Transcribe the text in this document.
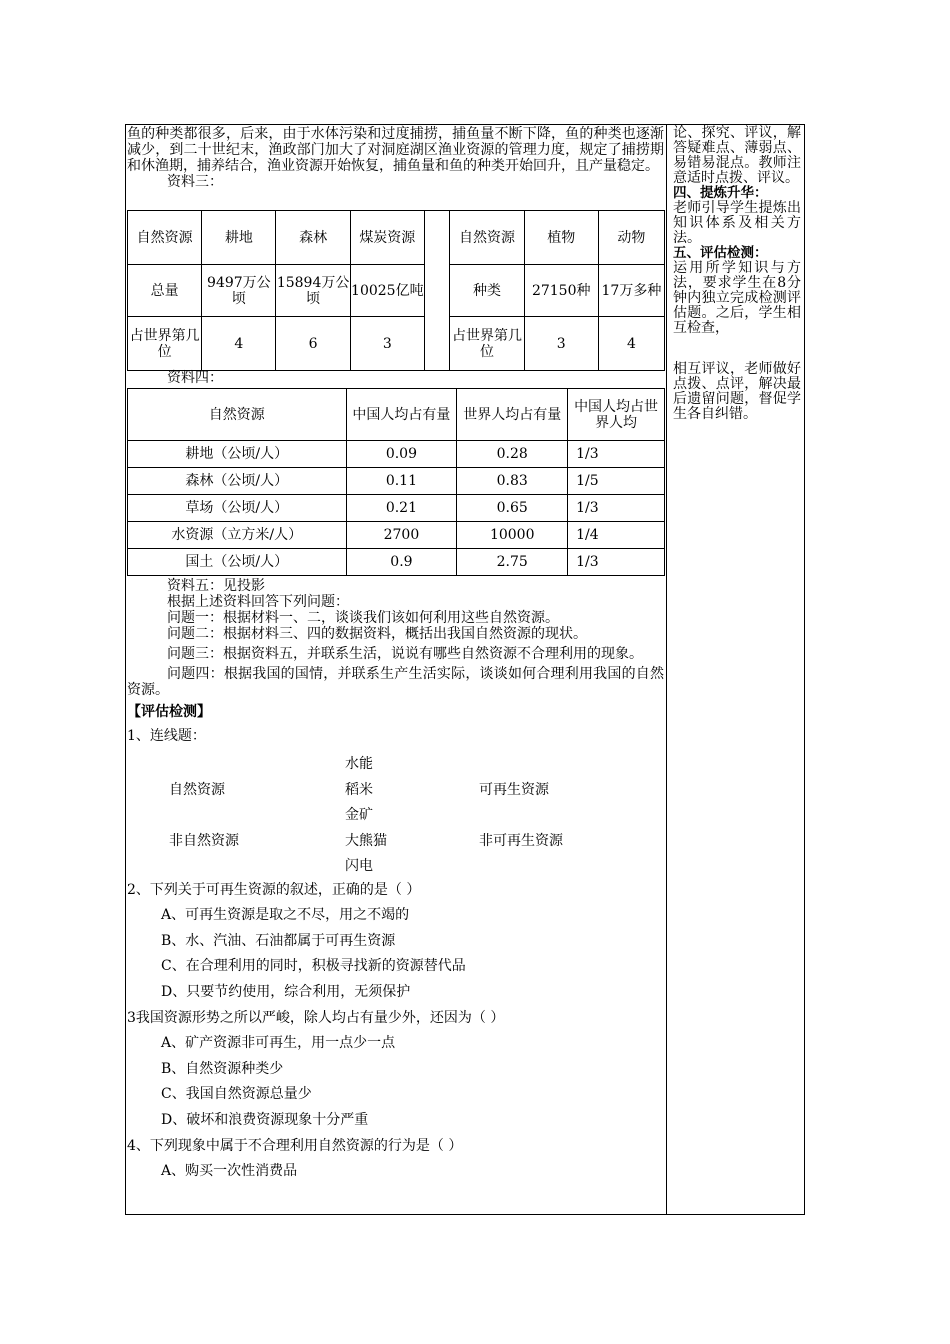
鱼的种类都很多，后来，由于水体污染和过度捕捞，捕鱼量不断下降，鱼的种类也逐渐减少，到二十世纪末，渔政部门加大了对洞庭湖区渔业资源的管理力度，规定了捕捞期和休渔期，捕养结合，渔业资源开始恢复，捕鱼量和鱼的种类开始回升，且产量稳定。

资料三：
自然资源	耕地	森林	煤炭资源		自然资源	植物	动物
总量	9497万公顷	15894万公顷	10025亿吨		种类	27150种	17万多种
占世界第几位	4	6	3		占世界第几位	3	4
资料四：
自然资源	中国人均占有量	世界人均占有量	中国人均占世界人均
耕地（公顷/人）	0.09	0.28	1/3
森林（公顷/人）	0.11	0.83	1/5
草场（公顷/人）	0.21	0.65	1/3
水资源（立方米/人）	2700	10000	1/4
国土（公顷/人）	0.9	2.75	1/3
资料五：见投影
根据上述资料回答下列问题：

问题一：根据材料一、二，谈谈我们该如何利用这些自然资源。

问题二：根据材料三、四的数据资料，概括出我国自然资源的现状。

问题三：根据资料五，并联系生活，说说有哪些自然资源不合理利用的现象。

问题四：根据我国的国情，并联系生产生活实际，谈谈如何合理利用我国的自然资源。

【评估检测】
1、连线题：
水能
自然资源	稻米	可再生资源
金矿
非自然资源	大熊猫	非可再生资源
闪电
2、下列关于可再生资源的叙述，正确的是（ ）
A、可再生资源是取之不尽，用之不竭的
B、水、汽油、石油都属于可再生资源
C、在合理利用的同时，积极寻找新的资源替代品
D、只要节约使用，综合利用，无须保护
3我国资源形势之所以严峻，除人均占有量少外，还因为（ ）
A、矿产资源非可再生，用一点少一点
B、自然资源种类少
C、我国自然资源总量少
D、破坏和浪费资源现象十分严重
4、下列现象中属于不合理利用自然资源的行为是（ ）
A、购买一次性消费品

论、探究、评议，解答疑难点、薄弱点、易错易混点。教师注意适时点拨、评议。

四、提炼升华：

老师引导学生提炼出知识体系及相关方法。

五、评估检测：

运用所学知识与方法，要求学生在8分钟内独立完成检测评估题。之后，学生相互检查，

相互评议，老师做好点拨、点评，解决最后遗留问题，督促学生各自纠错。
